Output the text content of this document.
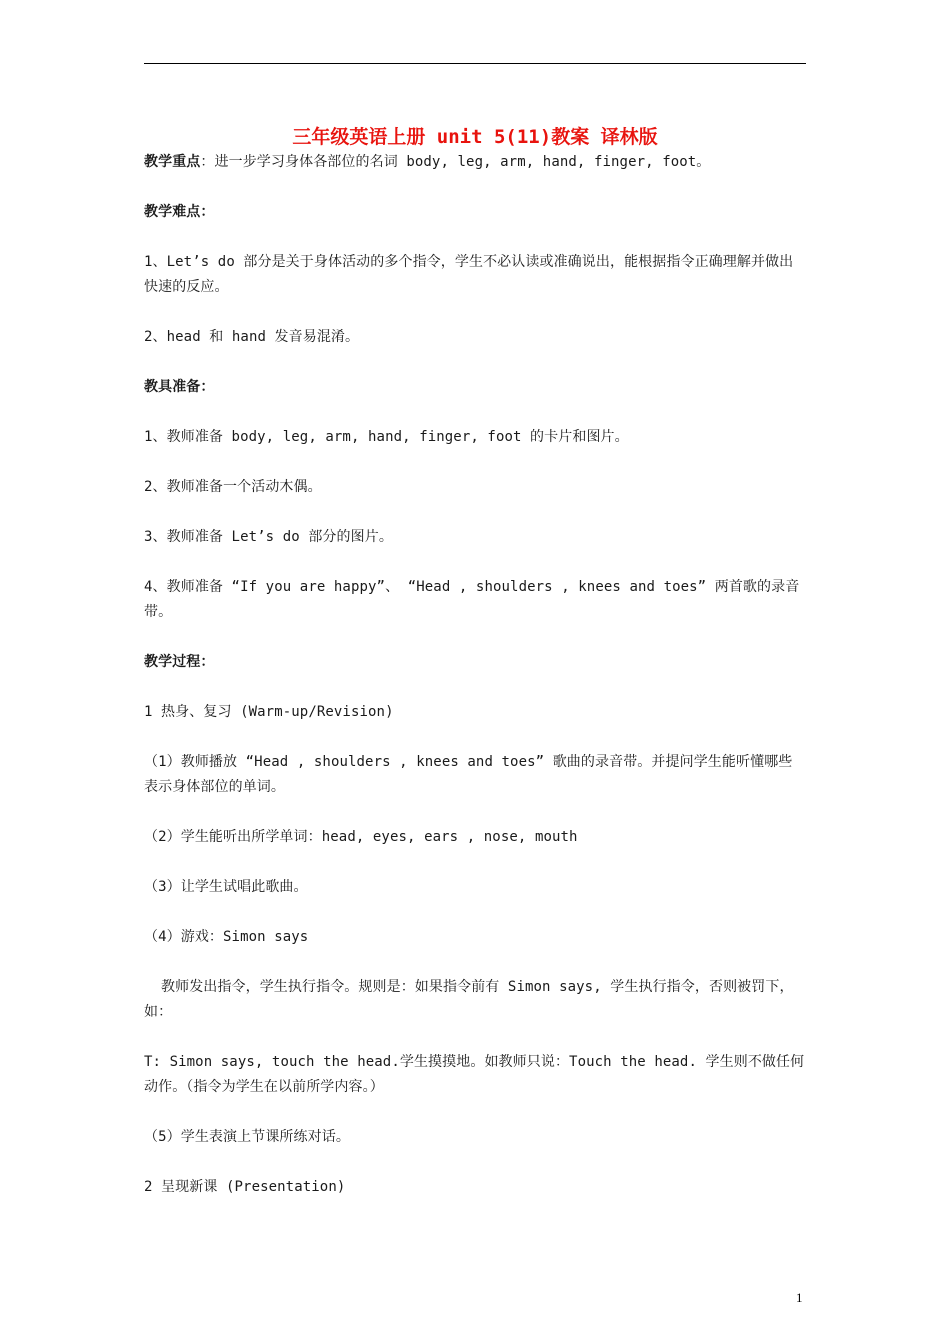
三年级英语上册 unit 5(11)教案 译林版

教学重点：进一步学习身体各部位的名词 body, leg, arm, hand, finger, foot。

教学难点：

1、Let’s do 部分是关于身体活动的多个指令，学生不必认读或准确说出，能根据指令正确理解并做出快速的反应。

2、head 和 hand 发音易混淆。

教具准备：

1、教师准备 body, leg, arm, hand, finger, foot 的卡片和图片。

2、教师准备一个活动木偶。

3、教师准备 Let’s do 部分的图片。

4、教师准备 “If you are happy”、 “Head , shoulders , knees and toes” 两首歌的录音带。

教学过程：

1 热身、复习 (Warm-up/Revision)

（1）教师播放 “Head , shoulders , knees and toes” 歌曲的录音带。并提问学生能听懂哪些表示身体部位的单词。

（2）学生能听出所学单词：head, eyes, ears , nose, mouth

（3）让学生试唱此歌曲。

（4）游戏：Simon says

教师发出指令，学生执行指令。规则是：如果指令前有 Simon says, 学生执行指令，否则被罚下，如：

T: Simon says, touch the head.学生摸摸地。如教师只说：Touch the head. 学生则不做任何动作。（指令为学生在以前所学内容。）

（5）学生表演上节课所练对话。

2 呈现新课 (Presentation)

1
